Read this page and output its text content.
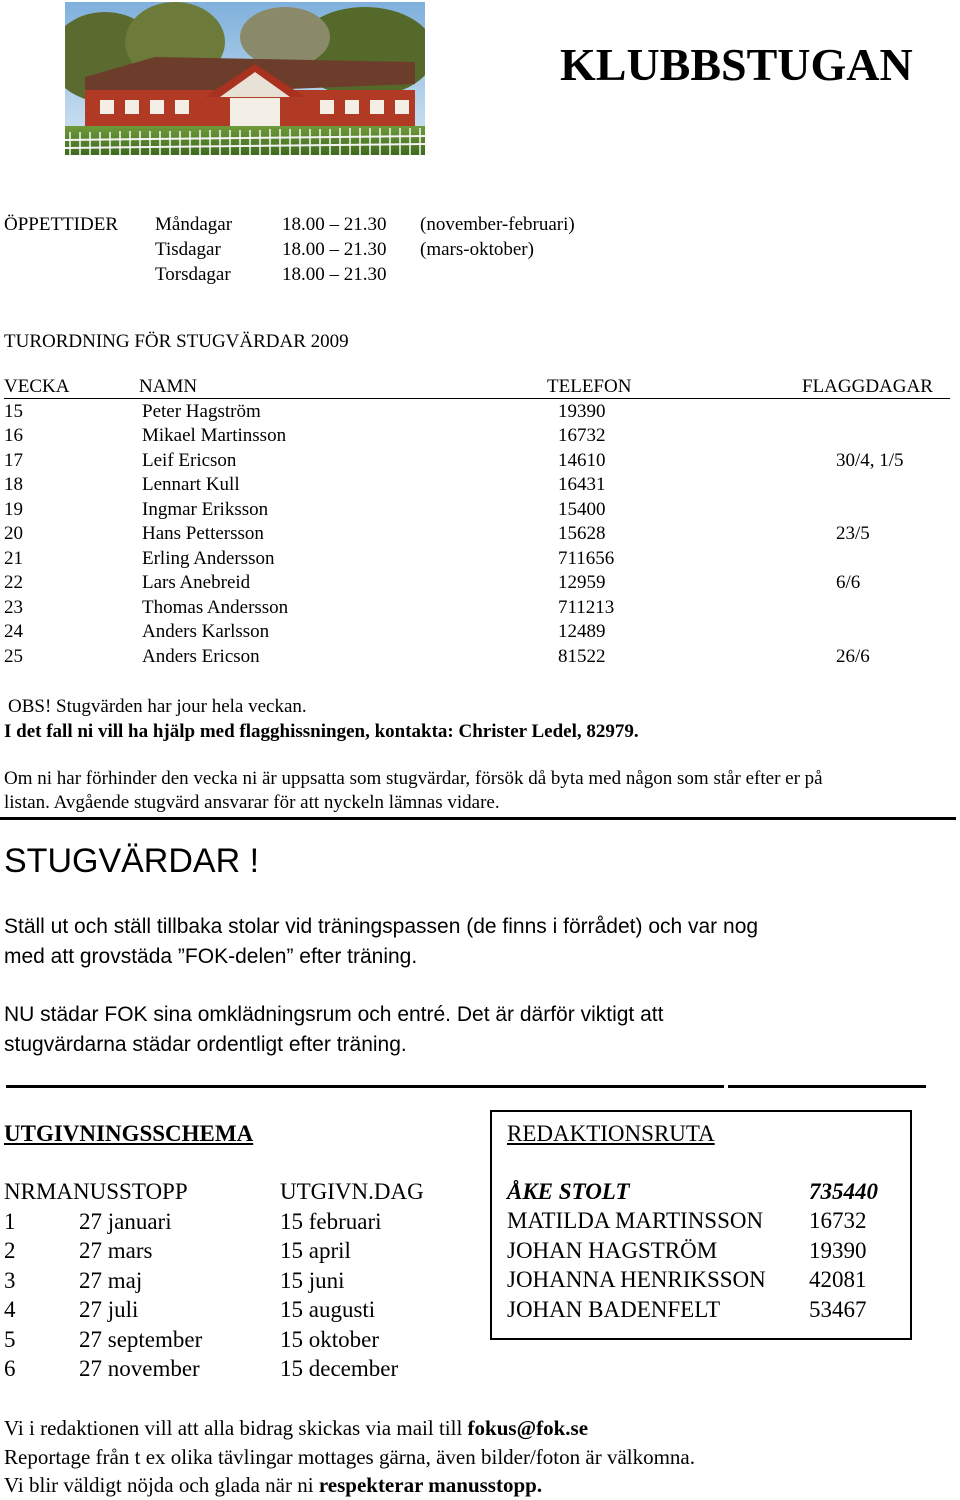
KLUBBSTUGAN
ÖPPETTIDER Måndagar	18.00 – 21.30 (november-februari)
Tisdagar	18.00 – 21.30 (mars-oktober)
Torsdagar	18.00 – 21.30
TURORDNING FÖR STUGVÄRDAR 2009
VECKA	NAMN	TELEFON	FLAGGDAGAR
15	Peter Hagström	19390
16	Mikael Martinsson	16732
17	Leif Ericson	14610	30/4, 1/5
18	Lennart Kull	16431
19	Ingmar Eriksson	15400
20	Hans Pettersson	15628	23/5
21	Erling Andersson	711656
22	Lars Anebreid	12959	6/6
23	Thomas Andersson	711213
24	Anders Karlsson	12489
25	Anders Ericson	81522	26/6
OBS! Stugvärden har jour hela veckan.
I det fall ni vill ha hjälp med flagghissningen, kontakta: Christer Ledel, 82979.
Om ni har förhinder den vecka ni är uppsatta som stugvärdar, försök då byta med någon som står efter er på
listan. Avgående stugvärd ansvarar för att nyckeln lämnas vidare.
STUGVÄRDAR !
Ställ ut och ställ tillbaka stolar vid träningspassen (de finns i förrådet) och var nog
med att grovstäda ”FOK-delen” efter träning.
NU städar FOK sina omklädningsrum och entré. Det är därför viktigt att
stugvärdarna städar ordentligt efter träning.
UTGIVNINGSSCHEMA
NRMANUSSTOPP	UTGIVN.DAG
1	27 januari	15 februari
2	27 mars	15 april
3	27 maj	15 juni
4	27 juli	15 augusti
5	27 september	15 oktober
6	27 november	15 december
REDAKTIONSRUTA
ÅKE STOLT	735440
MATILDA MARTINSSON 16732
JOHAN HAGSTRÖM	19390
JOHANNA HENRIKSSON 42081
JOHAN BADENFELT	53467
Vi i redaktionen vill att alla bidrag skickas via mail till fokus@fok.se
Reportage från t ex olika tävlingar mottages gärna, även bilder/foton är välkomna.
Vi blir väldigt nöjda och glada när ni respekterar manusstopp.
